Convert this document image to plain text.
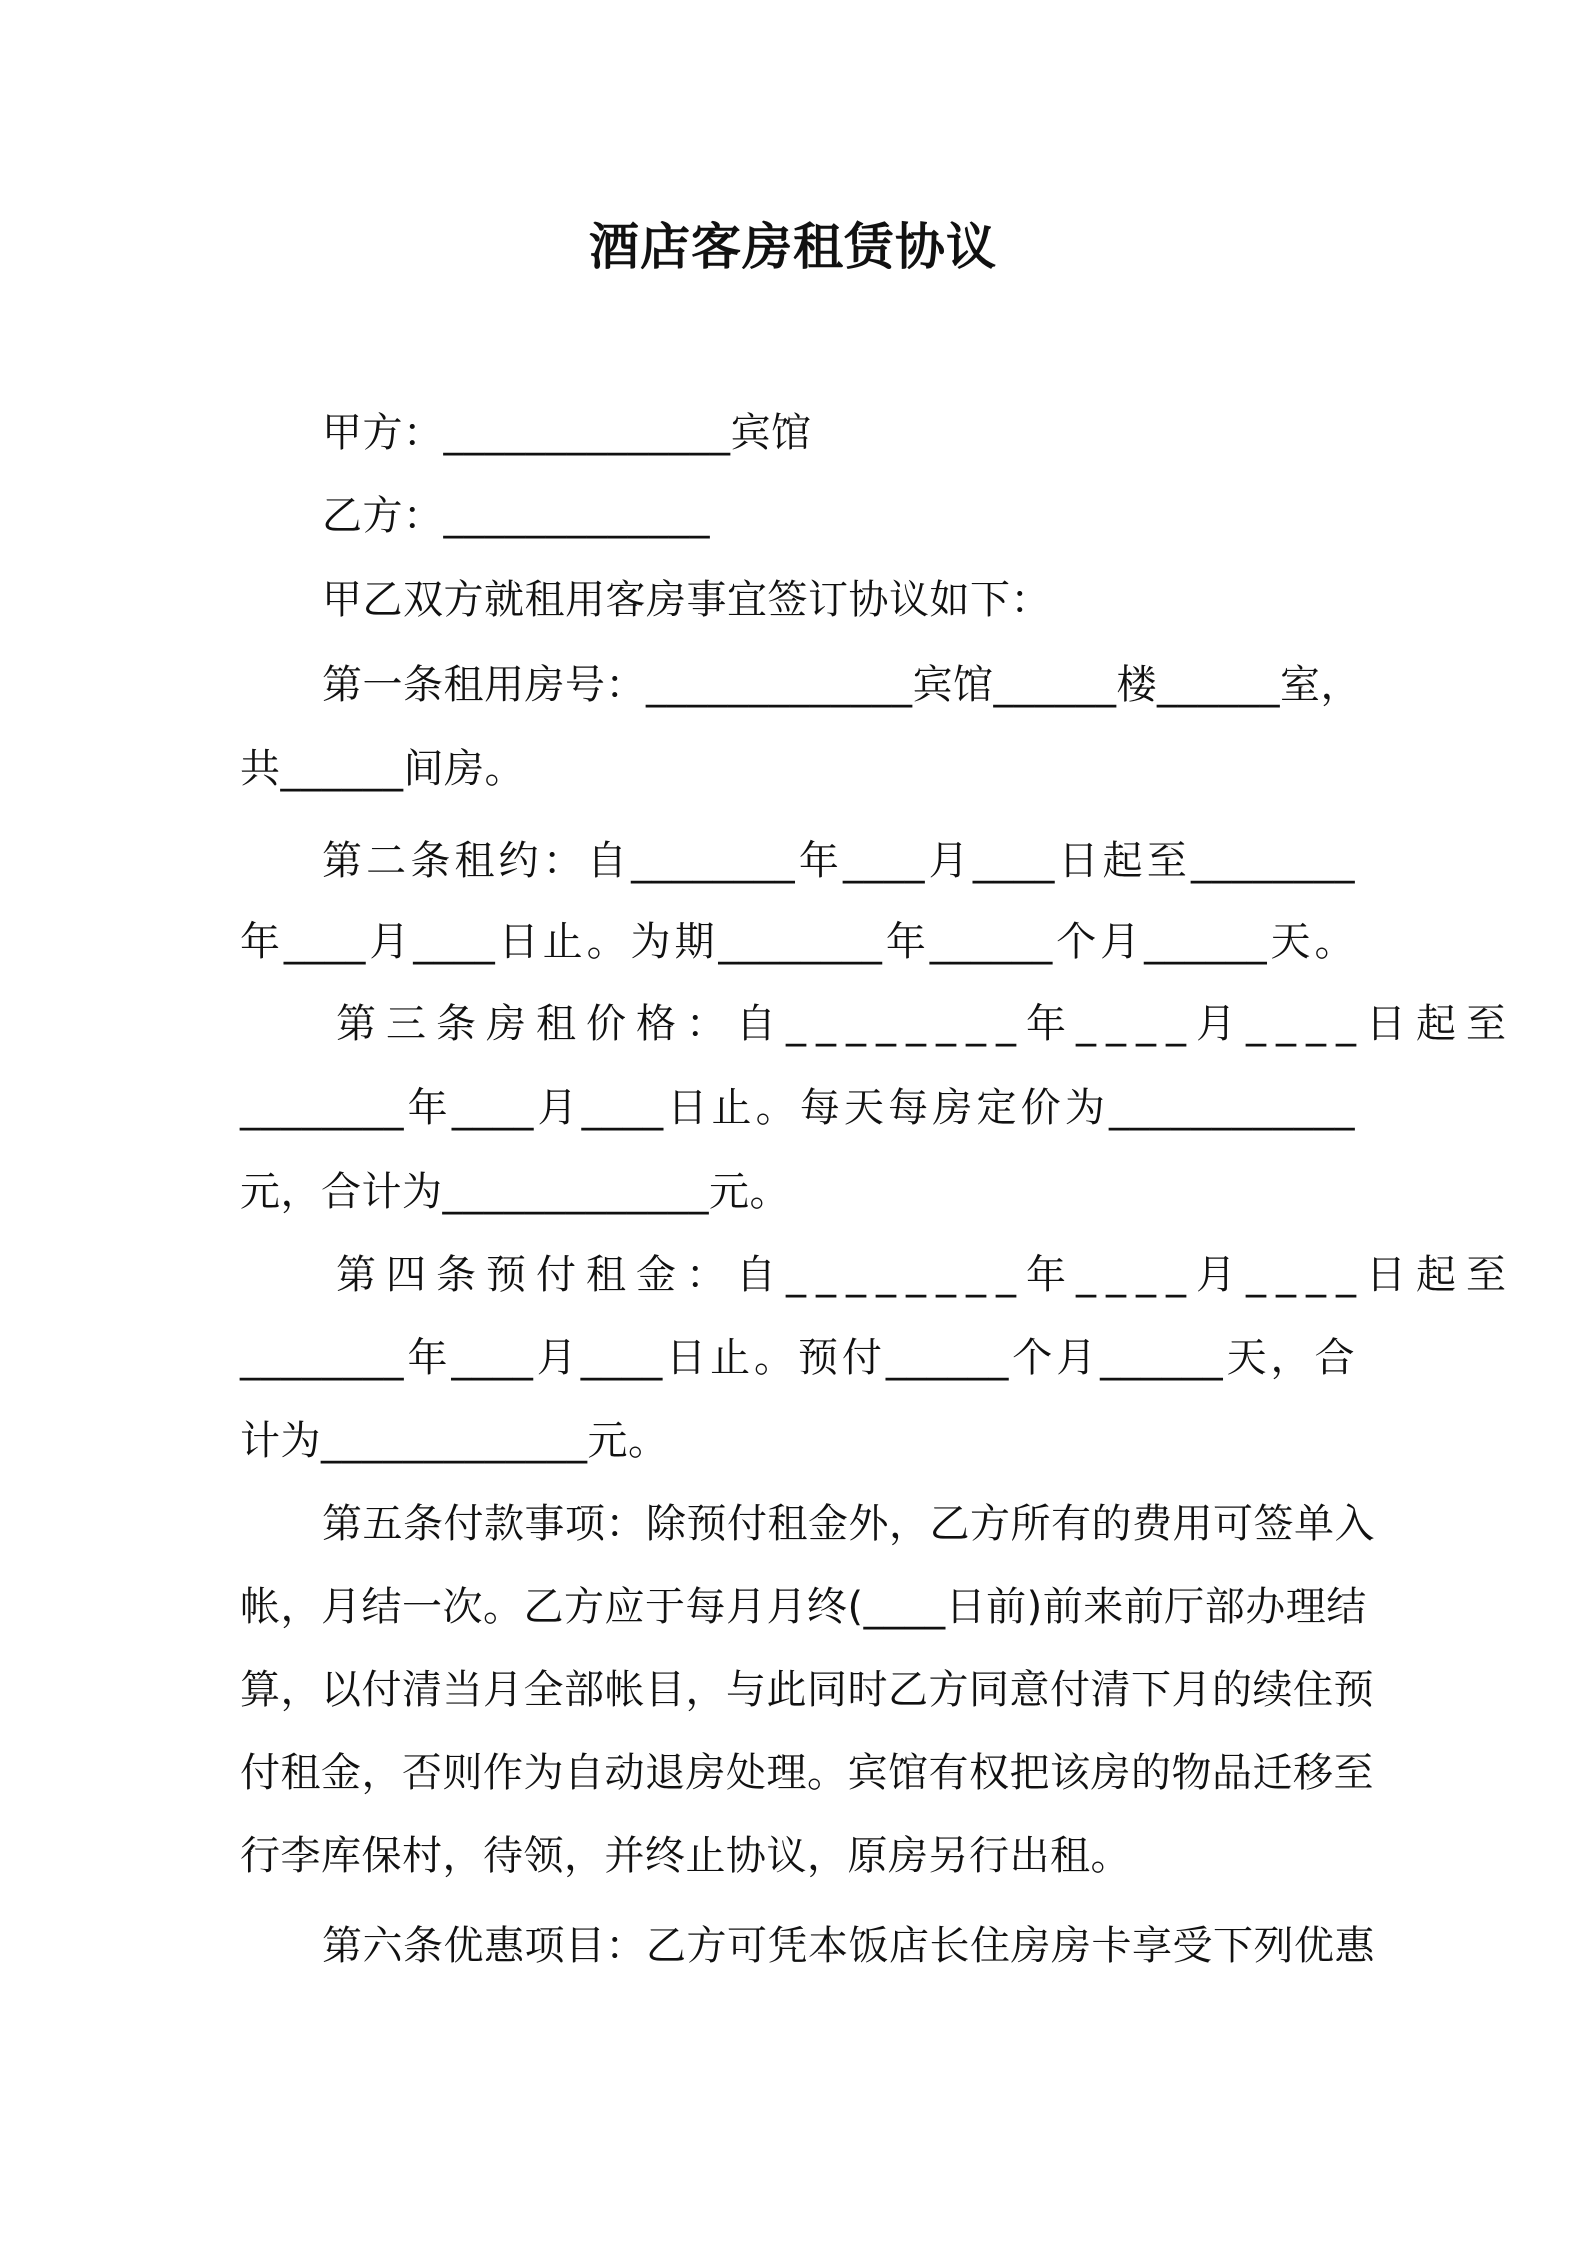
酒店客房租赁协议
甲方：______________宾馆
乙方：_____________
甲乙双方就租用客房事宜签订协议如下：
第一条租用房号：_____________宾馆______楼______室，
共______间房。
第二条租约：自________年____月____日起至________
年____月____日止。为期________年______个月______天。
第三条房租价格：自________年____月____日起至
________年____月____日止。每天每房定价为____________
元，合计为_____________元。
第四条预付租金：自________年____月____日起至
________年____月____日止。预付______个月______天，合
计为_____________元。
第五条付款事项：除预付租金外，乙方所有的费用可签单入
帐，月结一次。乙方应于每月月终(____日前)前来前厅部办理结
算，以付清当月全部帐目，与此同时乙方同意付清下月的续住预
付租金，否则作为自动退房处理。宾馆有权把该房的物品迁移至
行李库保村，待领，并终止协议，原房另行出租。
第六条优惠项目：乙方可凭本饭店长住房房卡享受下列优惠
